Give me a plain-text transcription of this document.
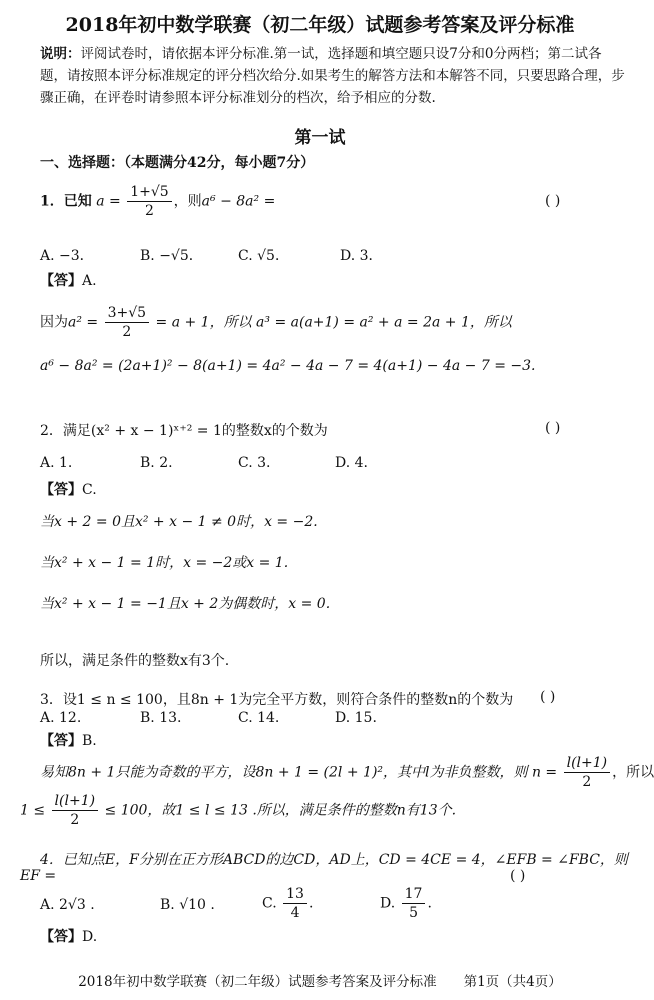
2018年初中数学联赛（初二年级）试题参考答案及评分标准
说明：评阅试卷时，请依据本评分标准.第一试，选择题和填空题只设7分和0分两档；第二试各题，请按照本评分标准规定的评分档次给分.如果考生的解答方法和本解答不同，只要思路合理，步骤正确，在评卷时请参照本评分标准划分的档次，给予相应的分数.
第一试
一、选择题：（本题满分42分，每小题7分）
1．已知 $a = \frac{1+√5}{2}$ ，则a⁶ − 8a² =	( )
A. −3．	B. −√5．	C. √5．	D. 3．
【答】A.
因为$a^2 = \frac{3+√5}{2} = a + 1$，所以 a³ = a(a+1) = a² + a = 2a + 1，所以
a⁶ − 8a² = (2a+1)² − 8(a+1) = 4a² − 4a − 7 = 4(a+1) − 4a − 7 = −3.
2．满足(x² + x − 1)ˣ⁺² = 1的整数x的个数为	( )
A. 1.	B. 2.	C. 3.	D. 4.
【答】C.
当x + 2 = 0且x² + x − 1 ≠ 0时，x = −2.
当x² + x − 1 = 1时，x = −2或x = 1.
当x² + x − 1 = −1且x + 2为偶数时，x = 0.
所以，满足条件的整数x有3个.
3．设1 ≤ n ≤ 100，且8n + 1为完全平方数，则符合条件的整数n的个数为 ( )
A. 12.	B. 13.	C. 14.	D. 15.
【答】B.
易知8n + 1只能为奇数的平方，设8n + 1 = (2l + 1)²，其中l为非负整数，则 $n = \frac{l(l+1)}{2}$ ，所以
$1 \le \frac{l(l+1)}{2} \le 100$，故1 ≤ l ≤ 13 .所以，满足条件的整数n有13个.
4．已知点E，F分别在正方形ABCD的边CD，AD上，CD = 4CE = 4，∠EFB = ∠FBC，则
EF =	( )
A. 2√3 .	B. √10 .	C. $\frac{13}{4}$ .	D. $\frac{17}{5}$ .
【答】D.
2018年初中数学联赛（初二年级）试题参考答案及评分标准　　第1页（共4页）
